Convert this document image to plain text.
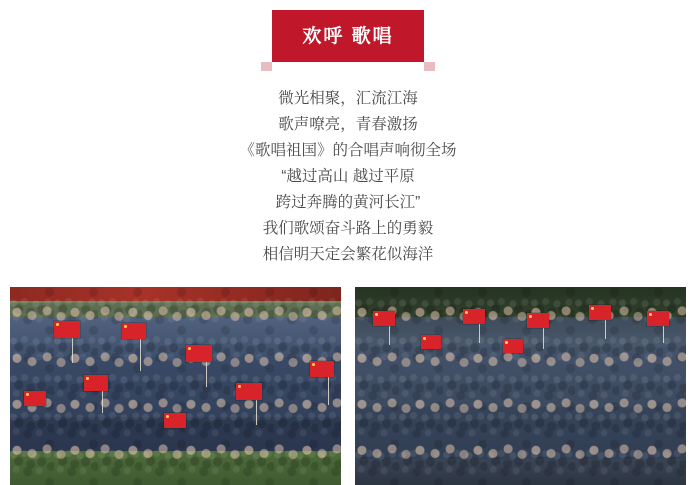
欢呼 歌唱
微光相聚，汇流江海
歌声嘹亮，青春激扬
《歌唱祖国》的合唱声响彻全场
“越过高山 越过平原
跨过奔腾的黄河长江”
我们歌颂奋斗路上的勇毅
相信明天定会繁花似海洋
